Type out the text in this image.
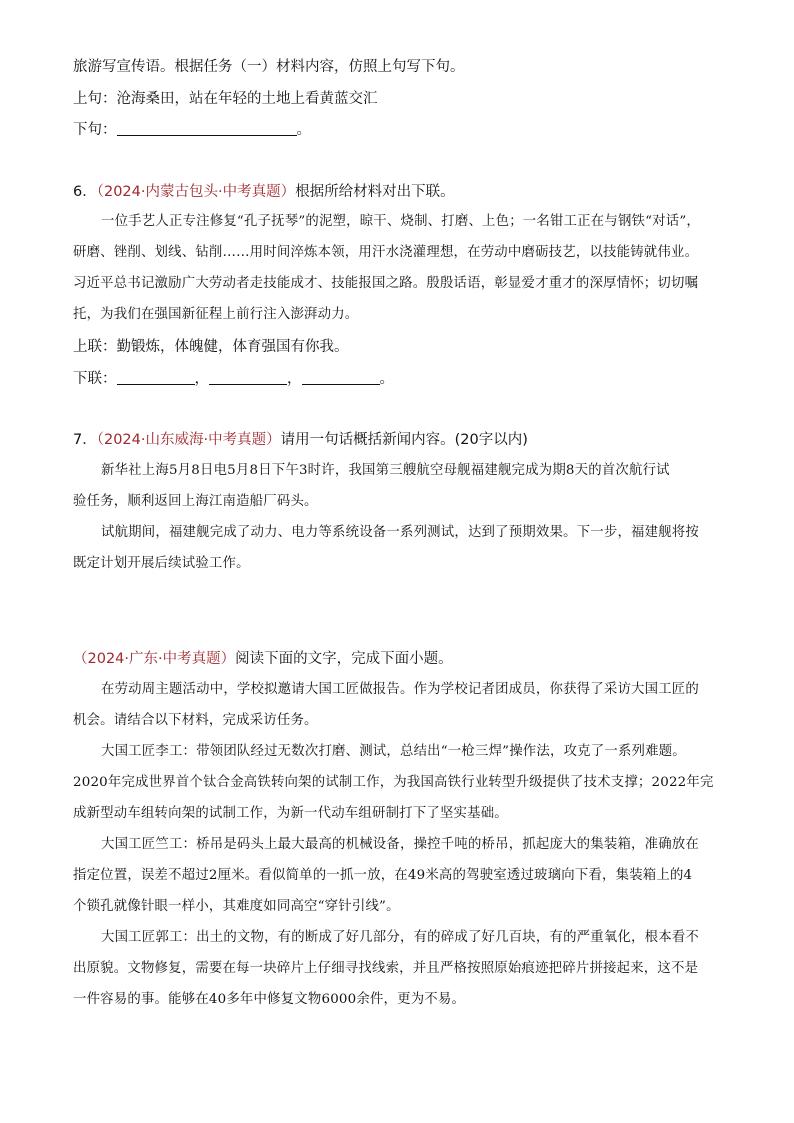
旅游写宣传语。根据任务（一）材料内容，仿照上句写下句。
上句：沧海桑田，站在年轻的土地上看黄蓝交汇
下句：	。
6．（2024·内蒙古包头·中考真题）根据所给材料对出下联。
一位手艺人正专注修复“孔子抚琴”的泥塑，晾干、烧制、打磨、上色；一名钳工正在与钢铁“对话”，
研磨、锉削、划线、钻削……用时间淬炼本领，用汗水浇灌理想，在劳动中磨砺技艺，以技能铸就伟业。
习近平总书记激励广大劳动者走技能成才、技能报国之路。殷殷话语，彰显爱才重才的深厚情怀；切切嘱
托，为我们在强国新征程上前行注入澎湃动力。
上联：勤锻炼，体魄健，体育强国有你我。
下联：	，	，	。
7．（2024·山东威海·中考真题）请用一句话概括新闻内容。(20字以内)
新华社上海5月8日电5月8日下午3时许，我国第三艘航空母舰福建舰完成为期8天的首次航行试
验任务，顺利返回上海江南造船厂码头。
试航期间，福建舰完成了动力、电力等系统设备一系列测试，达到了预期效果。下一步，福建舰将按
既定计划开展后续试验工作。
（2024·广东·中考真题）阅读下面的文字，完成下面小题。
在劳动周主题活动中，学校拟邀请大国工匠做报告。作为学校记者团成员，你获得了采访大国工匠的
机会。请结合以下材料，完成采访任务。
大国工匠李工：带领团队经过无数次打磨、测试，总结出“一枪三焊”操作法，攻克了一系列难题。
2020年完成世界首个钛合金高铁转向架的试制工作，为我国高铁行业转型升级提供了技术支撑；2022年完
成新型动车组转向架的试制工作，为新一代动车组研制打下了坚实基础。
大国工匠竺工：桥吊是码头上最大最高的机械设备，操控千吨的桥吊，抓起庞大的集装箱，准确放在
指定位置，误差不超过2厘米。看似简单的一抓一放，在49米高的驾驶室透过玻璃向下看，集装箱上的4
个锁孔就像针眼一样小，其难度如同高空“穿针引线”。
大国工匠郭工：出土的文物，有的断成了好几部分，有的碎成了好几百块，有的严重氧化，根本看不
出原貌。文物修复，需要在每一块碎片上仔细寻找线索，并且严格按照原始痕迹把碎片拼接起来，这不是
一件容易的事。能够在40多年中修复文物6000余件，更为不易。
